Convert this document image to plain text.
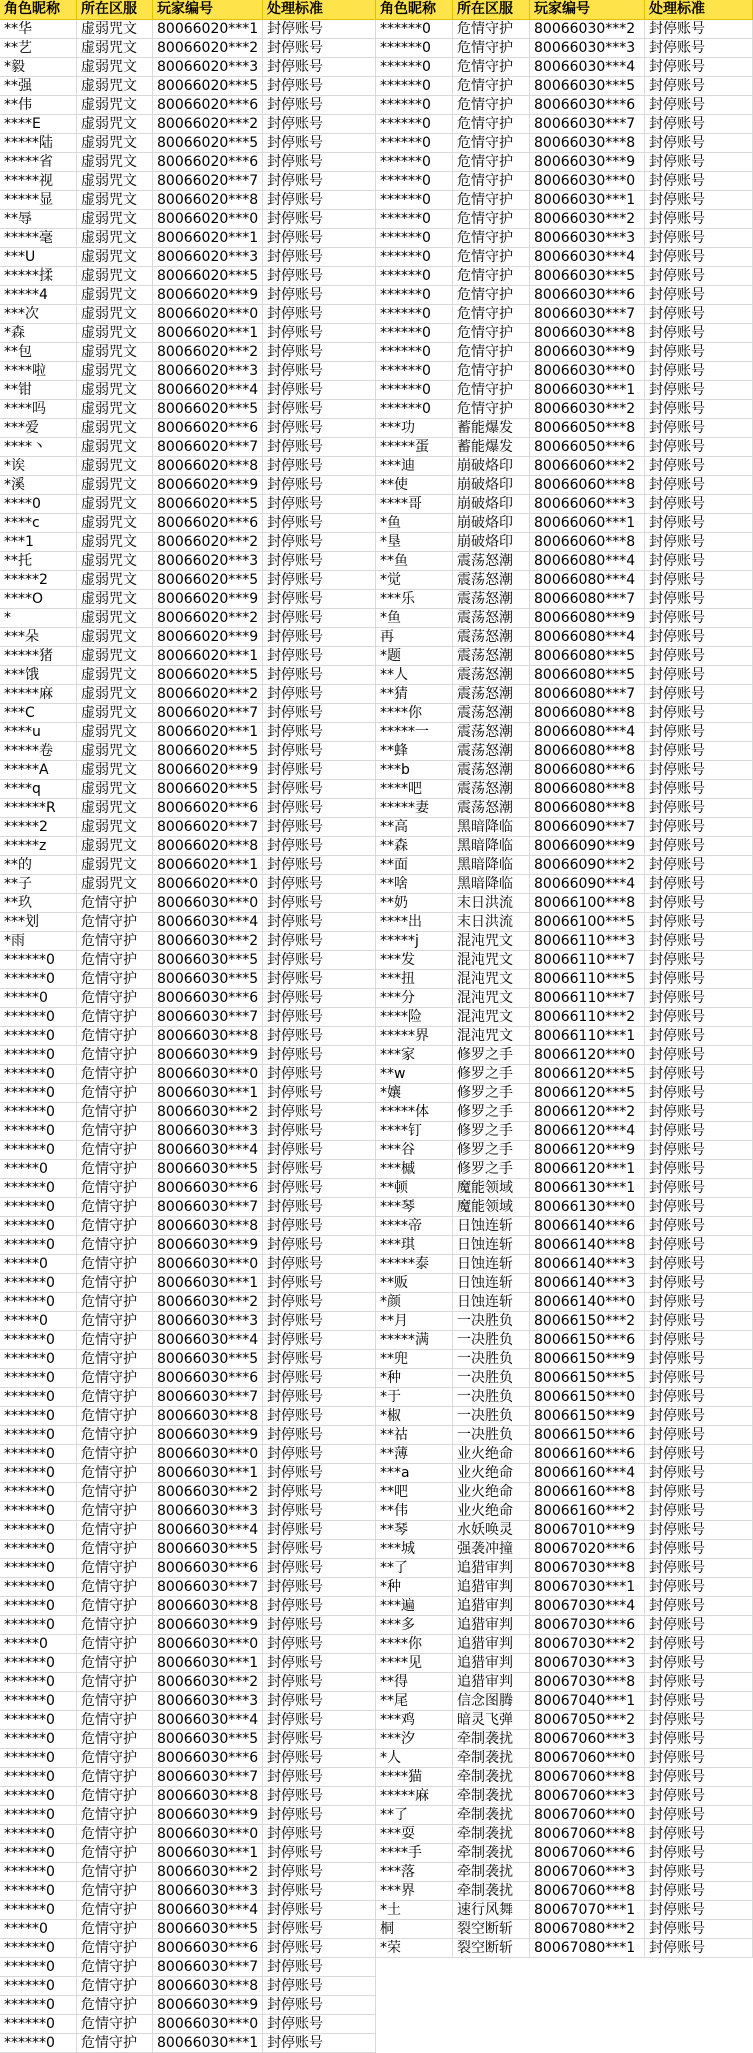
角色昵称	所在区服	玩家编号	处理标准
**华	虚弱咒文	80066020***1	封停账号
**艺	虚弱咒文	80066020***2	封停账号
*毅	虚弱咒文	80066020***3	封停账号
**强	虚弱咒文	80066020***5	封停账号
**伟	虚弱咒文	80066020***6	封停账号
****E	虚弱咒文	80066020***2	封停账号
*****陆	虚弱咒文	80066020***5	封停账号
*****省	虚弱咒文	80066020***6	封停账号
*****视	虚弱咒文	80066020***7	封停账号
*****显	虚弱咒文	80066020***8	封停账号
**辱	虚弱咒文	80066020***0	封停账号
*****毫	虚弱咒文	80066020***1	封停账号
***U	虚弱咒文	80066020***3	封停账号
*****揉	虚弱咒文	80066020***5	封停账号
*****4	虚弱咒文	80066020***9	封停账号
***次	虚弱咒文	80066020***0	封停账号
*森	虚弱咒文	80066020***1	封停账号
**包	虚弱咒文	80066020***2	封停账号
****啦	虚弱咒文	80066020***3	封停账号
**钳	虚弱咒文	80066020***4	封停账号
****吗	虚弱咒文	80066020***5	封停账号
***爱	虚弱咒文	80066020***6	封停账号
****丶	虚弱咒文	80066020***7	封停账号
*诶	虚弱咒文	80066020***8	封停账号
*溪	虚弱咒文	80066020***9	封停账号
****0	虚弱咒文	80066020***5	封停账号
****c	虚弱咒文	80066020***6	封停账号
***1	虚弱咒文	80066020***2	封停账号
**托	虚弱咒文	80066020***3	封停账号
*****2	虚弱咒文	80066020***5	封停账号
****O	虚弱咒文	80066020***9	封停账号
*	虚弱咒文	80066020***2	封停账号
***朵	虚弱咒文	80066020***9	封停账号
*****猪	虚弱咒文	80066020***1	封停账号
***饿	虚弱咒文	80066020***5	封停账号
*****麻	虚弱咒文	80066020***2	封停账号
***C	虚弱咒文	80066020***7	封停账号
****u	虚弱咒文	80066020***1	封停账号
*****卷	虚弱咒文	80066020***5	封停账号
*****A	虚弱咒文	80066020***9	封停账号
****q	虚弱咒文	80066020***5	封停账号
******R	虚弱咒文	80066020***6	封停账号
*****2	虚弱咒文	80066020***7	封停账号
*****z	虚弱咒文	80066020***8	封停账号
**的	虚弱咒文	80066020***1	封停账号
**子	虚弱咒文	80066020***0	封停账号
**玖	危情守护	80066030***0	封停账号
***划	危情守护	80066030***4	封停账号
*雨	危情守护	80066030***2	封停账号
******0	危情守护	80066030***5	封停账号
******0	危情守护	80066030***5	封停账号
*****0	危情守护	80066030***6	封停账号
******0	危情守护	80066030***7	封停账号
******0	危情守护	80066030***8	封停账号
******0	危情守护	80066030***9	封停账号
******0	危情守护	80066030***0	封停账号
******0	危情守护	80066030***1	封停账号
******0	危情守护	80066030***2	封停账号
******0	危情守护	80066030***3	封停账号
******0	危情守护	80066030***4	封停账号
*****0	危情守护	80066030***5	封停账号
******0	危情守护	80066030***6	封停账号
******0	危情守护	80066030***7	封停账号
******0	危情守护	80066030***8	封停账号
******0	危情守护	80066030***9	封停账号
*****0	危情守护	80066030***0	封停账号
******0	危情守护	80066030***1	封停账号
******0	危情守护	80066030***2	封停账号
*****0	危情守护	80066030***3	封停账号
******0	危情守护	80066030***4	封停账号
******0	危情守护	80066030***5	封停账号
******0	危情守护	80066030***6	封停账号
******0	危情守护	80066030***7	封停账号
******0	危情守护	80066030***8	封停账号
******0	危情守护	80066030***9	封停账号
******0	危情守护	80066030***0	封停账号
******0	危情守护	80066030***1	封停账号
******0	危情守护	80066030***2	封停账号
******0	危情守护	80066030***3	封停账号
******0	危情守护	80066030***4	封停账号
******0	危情守护	80066030***5	封停账号
******0	危情守护	80066030***6	封停账号
******0	危情守护	80066030***7	封停账号
******0	危情守护	80066030***8	封停账号
******0	危情守护	80066030***9	封停账号
*****0	危情守护	80066030***0	封停账号
******0	危情守护	80066030***1	封停账号
******0	危情守护	80066030***2	封停账号
******0	危情守护	80066030***3	封停账号
******0	危情守护	80066030***4	封停账号
******0	危情守护	80066030***5	封停账号
******0	危情守护	80066030***6	封停账号
******0	危情守护	80066030***7	封停账号
******0	危情守护	80066030***8	封停账号
******0	危情守护	80066030***9	封停账号
******0	危情守护	80066030***0	封停账号
******0	危情守护	80066030***1	封停账号
******0	危情守护	80066030***2	封停账号
******0	危情守护	80066030***3	封停账号
******0	危情守护	80066030***4	封停账号
*****0	危情守护	80066030***5	封停账号
******0	危情守护	80066030***6	封停账号
******0	危情守护	80066030***7	封停账号
******0	危情守护	80066030***8	封停账号
******0	危情守护	80066030***9	封停账号
******0	危情守护	80066030***0	封停账号
******0	危情守护	80066030***1	封停账号
角色昵称	所在区服	玩家编号	处理标准
******0	危情守护	80066030***2	封停账号
******0	危情守护	80066030***3	封停账号
******0	危情守护	80066030***4	封停账号
******0	危情守护	80066030***5	封停账号
******0	危情守护	80066030***6	封停账号
******0	危情守护	80066030***7	封停账号
******0	危情守护	80066030***8	封停账号
******0	危情守护	80066030***9	封停账号
******0	危情守护	80066030***0	封停账号
******0	危情守护	80066030***1	封停账号
******0	危情守护	80066030***2	封停账号
******0	危情守护	80066030***3	封停账号
******0	危情守护	80066030***4	封停账号
******0	危情守护	80066030***5	封停账号
******0	危情守护	80066030***6	封停账号
******0	危情守护	80066030***7	封停账号
******0	危情守护	80066030***8	封停账号
******0	危情守护	80066030***9	封停账号
******0	危情守护	80066030***0	封停账号
******0	危情守护	80066030***1	封停账号
******0	危情守护	80066030***2	封停账号
***功	蓄能爆发	80066050***8	封停账号
*****蛋	蓄能爆发	80066050***6	封停账号
***迪	崩破烙印	80066060***2	封停账号
**使	崩破烙印	80066060***8	封停账号
****哥	崩破烙印	80066060***3	封停账号
*鱼	崩破烙印	80066060***1	封停账号
*垦	崩破烙印	80066060***8	封停账号
**鱼	震荡怒潮	80066080***4	封停账号
*觉	震荡怒潮	80066080***4	封停账号
***乐	震荡怒潮	80066080***7	封停账号
*鱼	震荡怒潮	80066080***9	封停账号
再	震荡怒潮	80066080***4	封停账号
*题	震荡怒潮	80066080***5	封停账号
**人	震荡怒潮	80066080***5	封停账号
**猜	震荡怒潮	80066080***7	封停账号
****你	震荡怒潮	80066080***8	封停账号
*****一	震荡怒潮	80066080***4	封停账号
**蜂	震荡怒潮	80066080***8	封停账号
***b	震荡怒潮	80066080***6	封停账号
****吧	震荡怒潮	80066080***8	封停账号
*****妻	震荡怒潮	80066080***8	封停账号
**高	黑暗降临	80066090***7	封停账号
**森	黑暗降临	80066090***9	封停账号
**面	黑暗降临	80066090***2	封停账号
**啥	黑暗降临	80066090***4	封停账号
**奶	末日洪流	80066100***8	封停账号
****出	末日洪流	80066100***5	封停账号
*****j	混沌咒文	80066110***3	封停账号
***发	混沌咒文	80066110***7	封停账号
***扭	混沌咒文	80066110***5	封停账号
***分	混沌咒文	80066110***7	封停账号
****险	混沌咒文	80066110***2	封停账号
*****界	混沌咒文	80066110***1	封停账号
***家	修罗之手	80066120***0	封停账号
**w	修罗之手	80066120***5	封停账号
*孃	修罗之手	80066120***5	封停账号
*****体	修罗之手	80066120***2	封停账号
****钉	修罗之手	80066120***4	封停账号
***谷	修罗之手	80066120***9	封停账号
***槭	修罗之手	80066120***1	封停账号
**顿	魔能领域	80066130***1	封停账号
***琴	魔能领域	80066130***0	封停账号
****帝	日蚀连斩	80066140***6	封停账号
***琪	日蚀连斩	80066140***8	封停账号
*****泰	日蚀连斩	80066140***3	封停账号
**贩	日蚀连斩	80066140***3	封停账号
*颜	日蚀连斩	80066140***0	封停账号
**月	一决胜负	80066150***2	封停账号
*****满	一决胜负	80066150***6	封停账号
**兜	一决胜负	80066150***9	封停账号
*种	一决胜负	80066150***5	封停账号
*于	一决胜负	80066150***0	封停账号
*椒	一决胜负	80066150***9	封停账号
**祜	一决胜负	80066150***6	封停账号
**薄	业火绝命	80066160***6	封停账号
***a	业火绝命	80066160***4	封停账号
**吧	业火绝命	80066160***8	封停账号
**伟	业火绝命	80066160***2	封停账号
**琴	水妖唤灵	80067010***9	封停账号
***城	强袭冲撞	80067020***6	封停账号
**了	追猎审判	80067030***8	封停账号
*种	追猎审判	80067030***1	封停账号
***遍	追猎审判	80067030***4	封停账号
***多	追猎审判	80067030***6	封停账号
****你	追猎审判	80067030***2	封停账号
****见	追猎审判	80067030***3	封停账号
**得	追猎审判	80067030***8	封停账号
**尾	信念图腾	80067040***1	封停账号
***鸡	暗灵飞弹	80067050***2	封停账号
***汐	牵制袭扰	80067060***3	封停账号
*人	牵制袭扰	80067060***0	封停账号
****猫	牵制袭扰	80067060***8	封停账号
*****麻	牵制袭扰	80067060***3	封停账号
**了	牵制袭扰	80067060***0	封停账号
***耍	牵制袭扰	80067060***8	封停账号
****手	牵制袭扰	80067060***6	封停账号
***落	牵制袭扰	80067060***3	封停账号
***界	牵制袭扰	80067060***8	封停账号
*土	速行风舞	80067070***1	封停账号
桐	裂空断斩	80067080***2	封停账号
*荣	裂空断斩	80067080***1	封停账号
